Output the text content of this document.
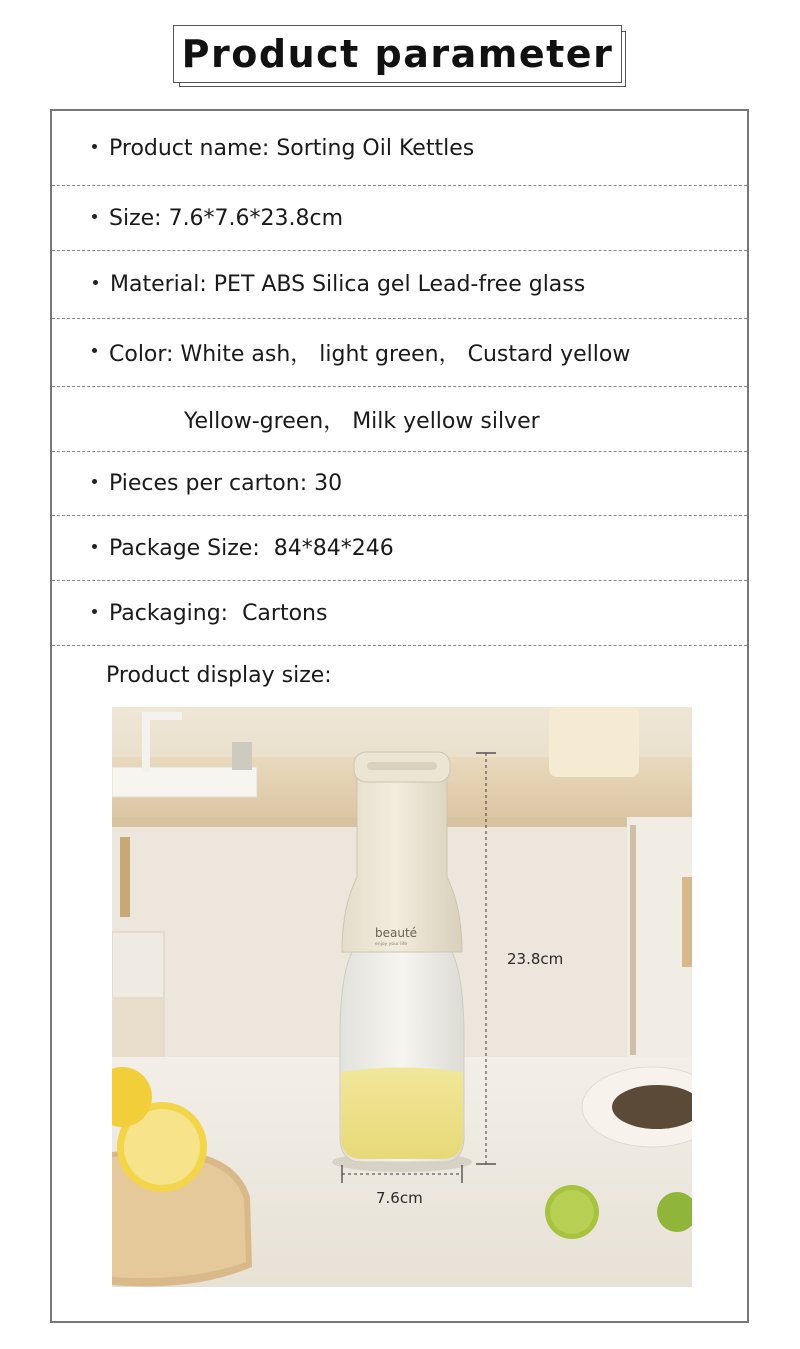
Product parameter
Product name: Sorting Oil Kettles
Size: 7.6*7.6*23.8cm
Material: PET ABS Silica gel Lead-free glass
Color: White ash， light green， Custard yellow
Yellow-green， Milk yellow silver
Pieces per carton: 30
Package Size:  84*84*246
Packaging:  Cartons
Product display size:
beauté
enjoy your life
23.8cm
7.6cm
